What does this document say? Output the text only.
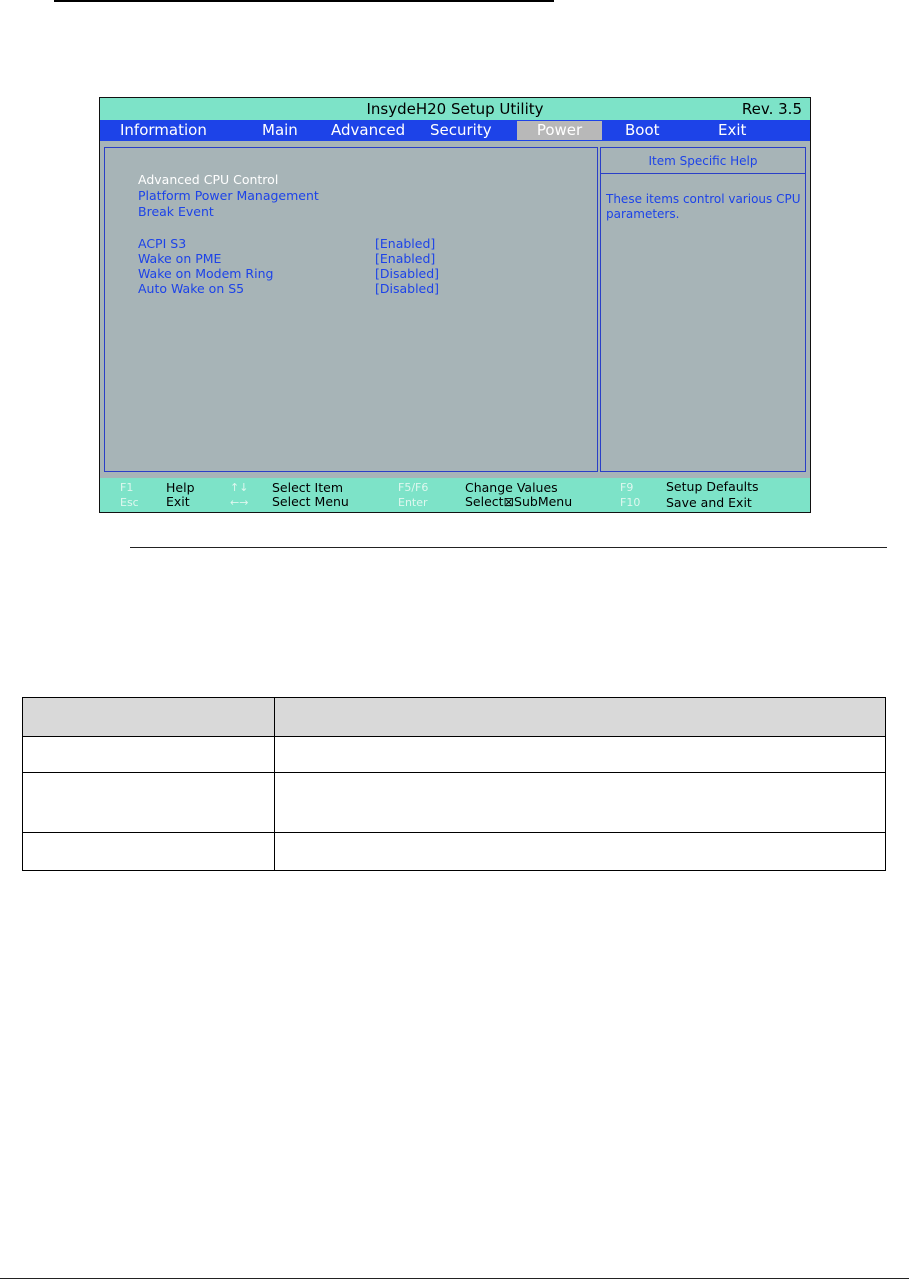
InsydeH20 Setup Utility	Rev. 3.5
Information	Main Advanced Security	Power	Boot	Exit
Advanced CPU Control
Platform Power Management
Break Event
ACPI S3	[Enabled]
Wake on PME	[Enabled]
Wake on Modem Ring	[Disabled]
Auto Wake on S5	[Disabled]
Item Specific Help
These items control various CPU parameters.
F1	Help
Esc Exit
↑↓ Select Item
←→ Select Menu
F5/F6	Change Values
Enter	Select⊠SubMenu
F9	Setup Defaults
F10 Save and Exit
